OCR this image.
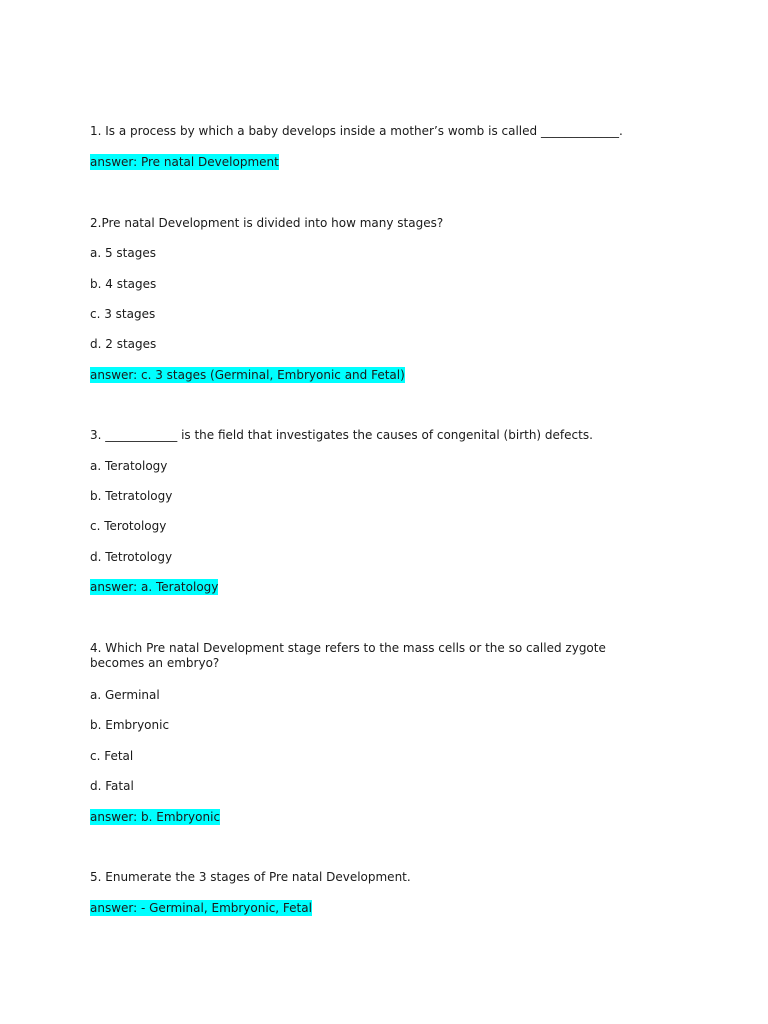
1. Is a process by which a baby develops inside a mother’s womb is called _____________.
answer: Pre natal Development
2.Pre natal Development is divided into how many stages?
a. 5 stages
b. 4 stages
c. 3 stages
d. 2 stages
answer: c. 3 stages (Germinal, Embryonic and Fetal)
3. ____________ is the field that investigates the causes of congenital (birth) defects.
a. Teratology
b. Tetratology
c. Terotology
d. Tetrotology
answer: a. Teratology
4. Which Pre natal Development stage refers to the mass cells or the so called zygote becomes an embryo?
a. Germinal
b. Embryonic
c. Fetal
d. Fatal
answer: b. Embryonic
5. Enumerate the 3 stages of Pre natal Development.
answer: - Germinal, Embryonic, Fetal
